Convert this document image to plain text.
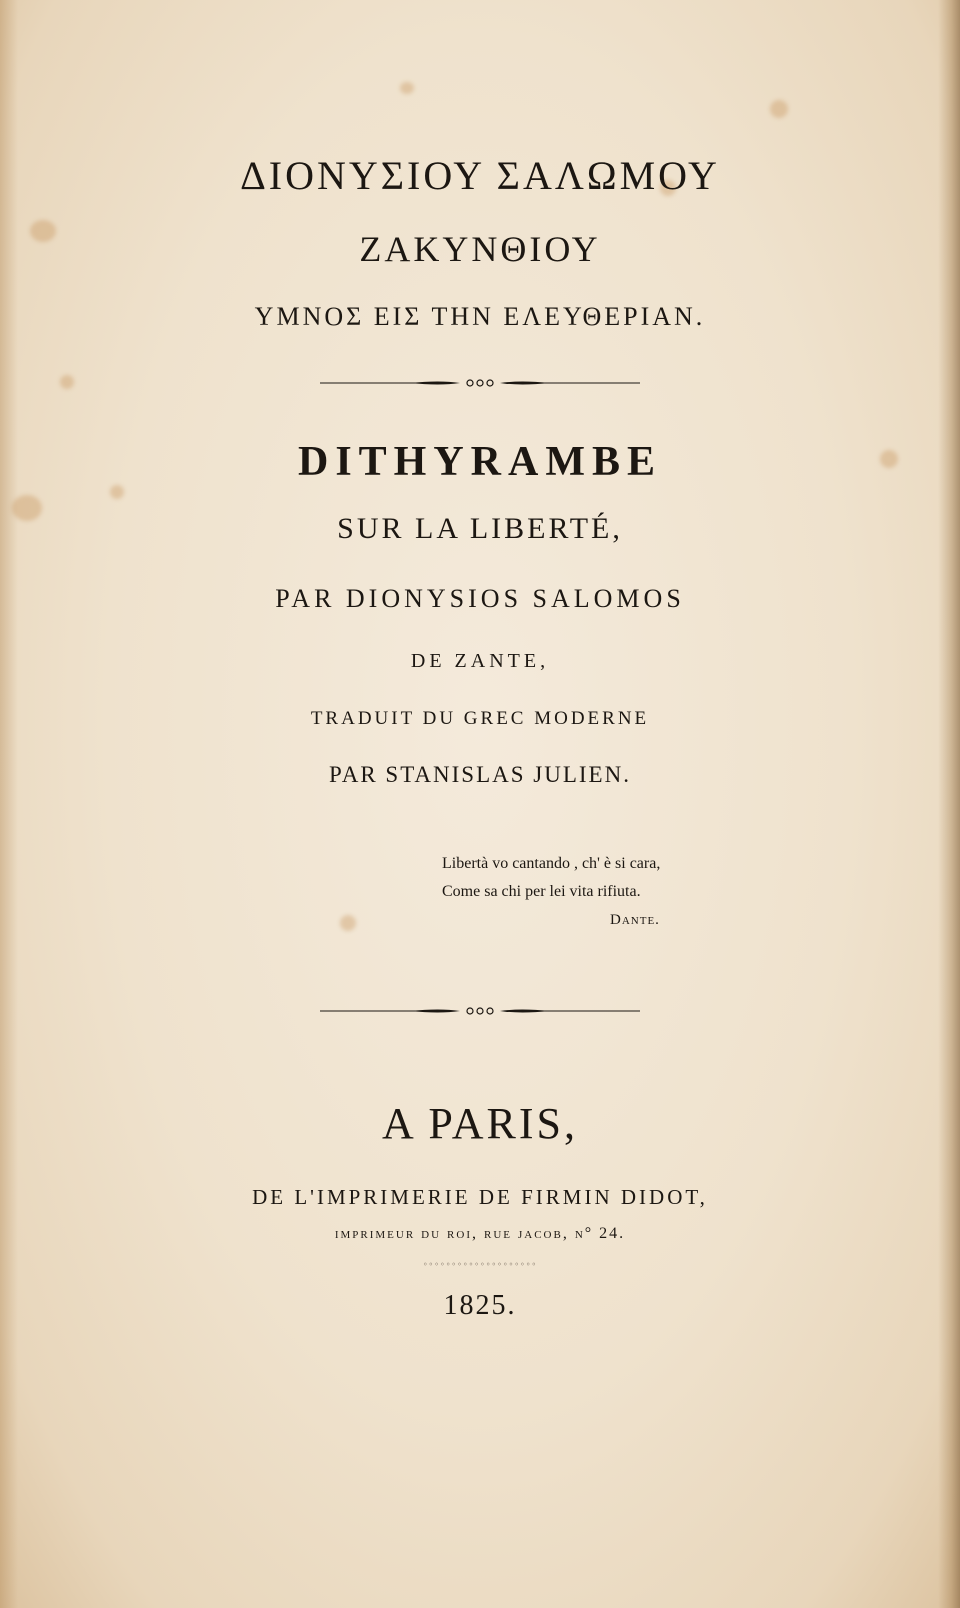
ΔΙΟΝΥΣΙΟΥ ΣΑΛΩΜΟΥ
ΖΑΚΥΝΘΙΟΥ
ΥΜΝΟΣ ΕΙΣ ΤΗΝ ΕΛΕΥΘΕΡΙΑΝ.
DITHYRAMBE
SUR LA LIBERTÉ,
PAR DIONYSIOS SALOMOS
DE ZANTE,
TRADUIT DU GREC MODERNE
PAR STANISLAS JULIEN.
Libertà vo cantando , ch' è si cara,
Come sa chi per lei vita rifiuta.
Dante.
A PARIS,
DE L'IMPRIMERIE DE FIRMIN DIDOT,
imprimeur du roi, rue jacob, n° 24.
◦◦◦◦◦◦◦◦◦◦◦◦◦◦◦◦◦◦◦◦
1825.
